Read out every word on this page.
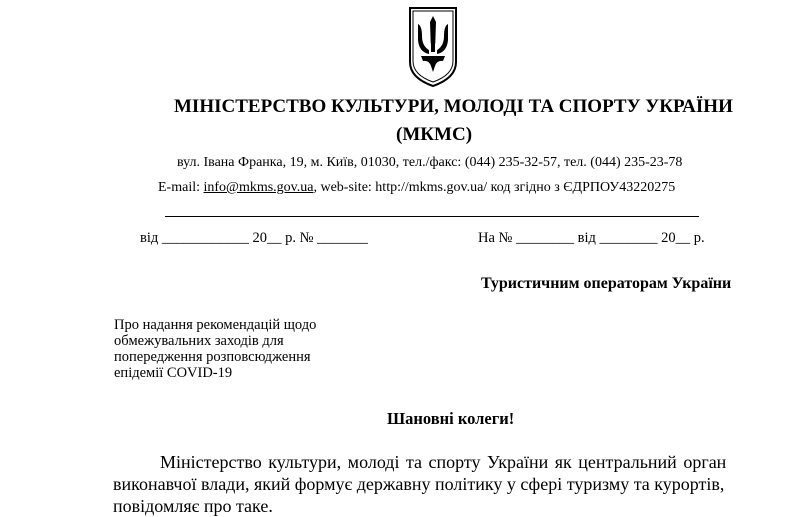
МІНІСТЕРСТВО КУЛЬТУРИ, МОЛОДІ ТА СПОРТУ УКРАЇНИ
(МКМС)
вул. Івана Франка, 19, м. Київ, 01030, тел./факс: (044) 235-32-57, тел. (044) 235-23-78
E-mail: info@mkms.gov.ua, web-site: http://mkms.gov.ua/ код згідно з ЄДРПОУ43220275
від ____________ 20__ р. № _______	На № ________ від ________ 20__ р.
Туристичним операторам України
Про надання рекомендацій щодо
обмежувальних заходів для
попередження розповсюдження
епідемії COVID-19
Шановні колеги!
Міністерство культури, молоді та спорту України як центральний орган
виконавчої влади, який формує державну політику у сфері туризму та курортів,
повідомляє про таке.
